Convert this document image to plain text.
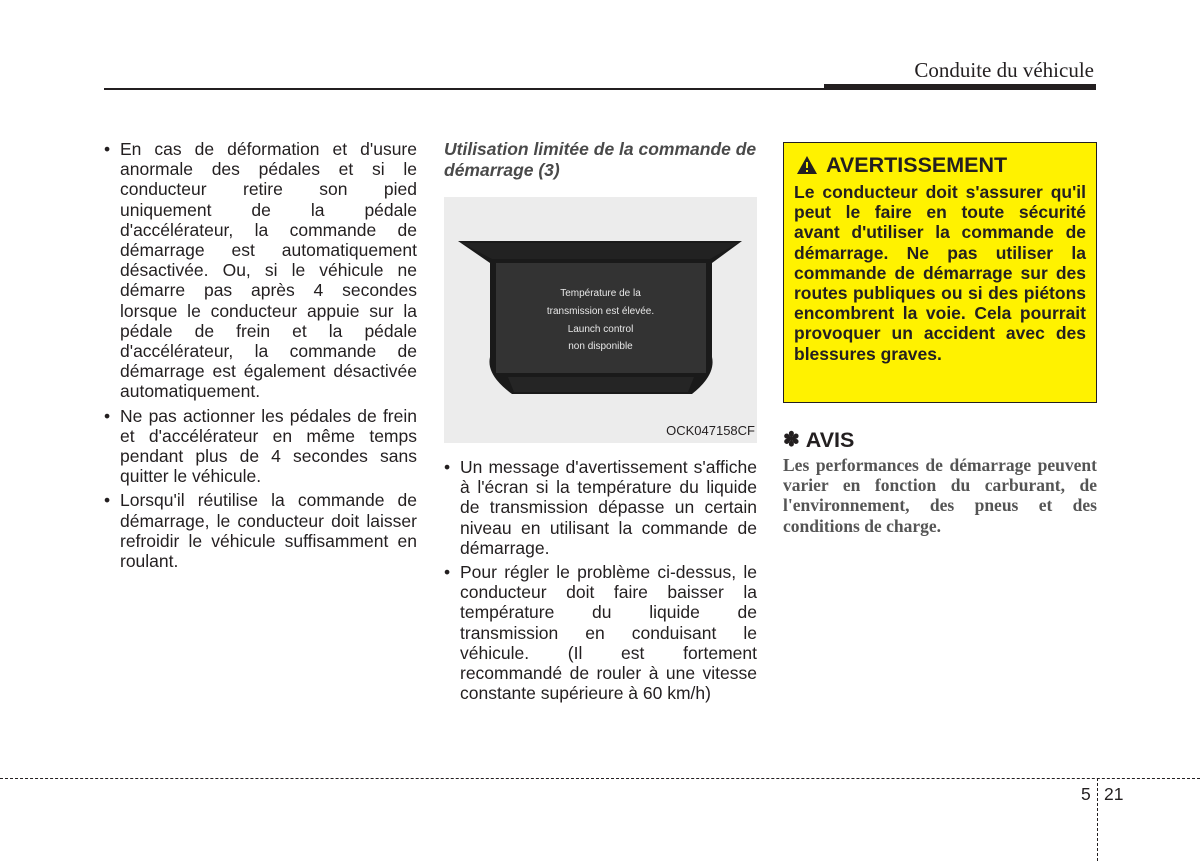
Conduite du véhicule
• En cas de déformation et d'usure anormale des pédales et si le conducteur retire son pied uniquement de la pédale d'accélérateur, la commande de démarrage est automatiquement désactivée. Ou, si le véhicule ne démarre pas après 4 secondes lorsque le conducteur appuie sur la pédale de frein et la pédale d'accélérateur, la commande de démarrage est également désactivée automatiquement.
• Ne pas actionner les pédales de frein et d'accélérateur en même temps pendant plus de 4 secondes sans quitter le véhicule.
• Lorsqu'il réutilise la commande de démarrage, le conducteur doit laisser refroidir le véhicule suffisamment en roulant.

Utilisation limitée de la commande de démarrage (3)

Température de la
transmission est élevée.
Launch control
non disponible
OCK047158CF
• Un message d'avertissement s'affiche à l'écran si la température du liquide de transmission dépasse un certain niveau en utilisant la commande de démarrage.
• Pour régler le problème ci-dessus, le conducteur doit faire baisser la température du liquide de transmission en conduisant le véhicule. (Il est fortement recommandé de rouler à une vitesse constante supérieure à 60 km/h)
AVERTISSEMENT
Le conducteur doit s'assurer qu'il peut le faire en toute sécurité avant d'utiliser la commande de démarrage. Ne pas utiliser la commande de démarrage sur des routes publiques ou si des piétons encombrent la voie. Cela pourrait provoquer un accident avec des blessures graves.
✽ AVIS
Les performances de démarrage peuvent varier en fonction du carburant, de l'environnement, des pneus et des conditions de charge.
5 21
